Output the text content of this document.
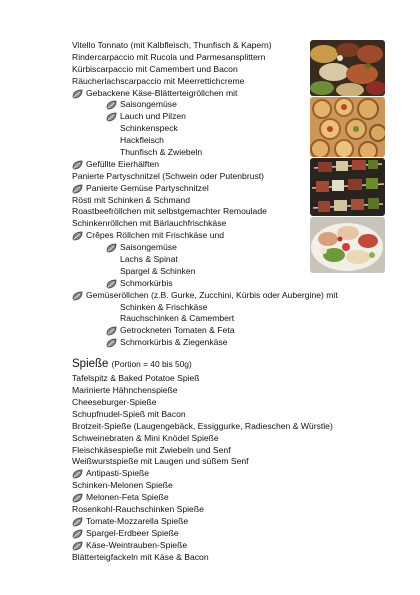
Vitello Tonnato (mit Kalbfleisch, Thunfisch & Kapern)
Rindercarpaccio mit Rucola und Parmesansplittern
Kürbiscarpaccio mit Camembert und Bacon
Räucherlachscarpaccio mit Meerrettichcreme
Gebackene Käse-Blätterteigröllchen mit
Saisongemüse
Lauch und Pilzen
Schinkenspeck
Hackfleisch
Thunfisch & Zwiebeln
Gefüllte Eierhälften
Panierte Partyschnitzel (Schwein oder Putenbrust)
Panierte Gemüse Partyschnitzel
Rösti mit Schinken & Schmand
Roastbeefröllchen mit selbstgemachter Remoulade
Schinkenröllchen mit Bärlauchfrischkäse
Crêpes Röllchen mit Frischkäse und
Saisongemüse
Lachs & Spinat
Spargel & Schinken
Schmorkürbis
Gemüseröllchen (z.B. Gurke, Zucchini, Kürbis oder Aubergine) mit
Schinken & Frischkäse
Rauchschinken & Camembert
Getrockneten Tomaten & Feta
Schmorkürbis & Ziegenkäse
Spieße (Portion = 40 bis 50g)
Tafelspitz & Baked Potatoe Spieß
Marinierte Hähnchenspieße
Cheeseburger-Spieße
Schupfnudel-Spieß mit Bacon
Brotzeit-Spieße (Laugengebäck, Essiggurke, Radieschen & Würstle)
Schweinebraten & Mini Knödel Spieße
Fleischkäsespieße mit Zwiebeln und Senf
Weißwurstspieße mit Laugen und süßem Senf
Antipasti-Spieße
Schinken-Melonen Spieße
Melonen-Feta Spieße
Rosenkohl-Rauchschinken Spieße
Tomate-Mozzarella Spieße
Spargel-Erdbeer Spieße
Käse-Weintrauben-Spieße
Blätterteigfackeln mit Käse & Bacon
